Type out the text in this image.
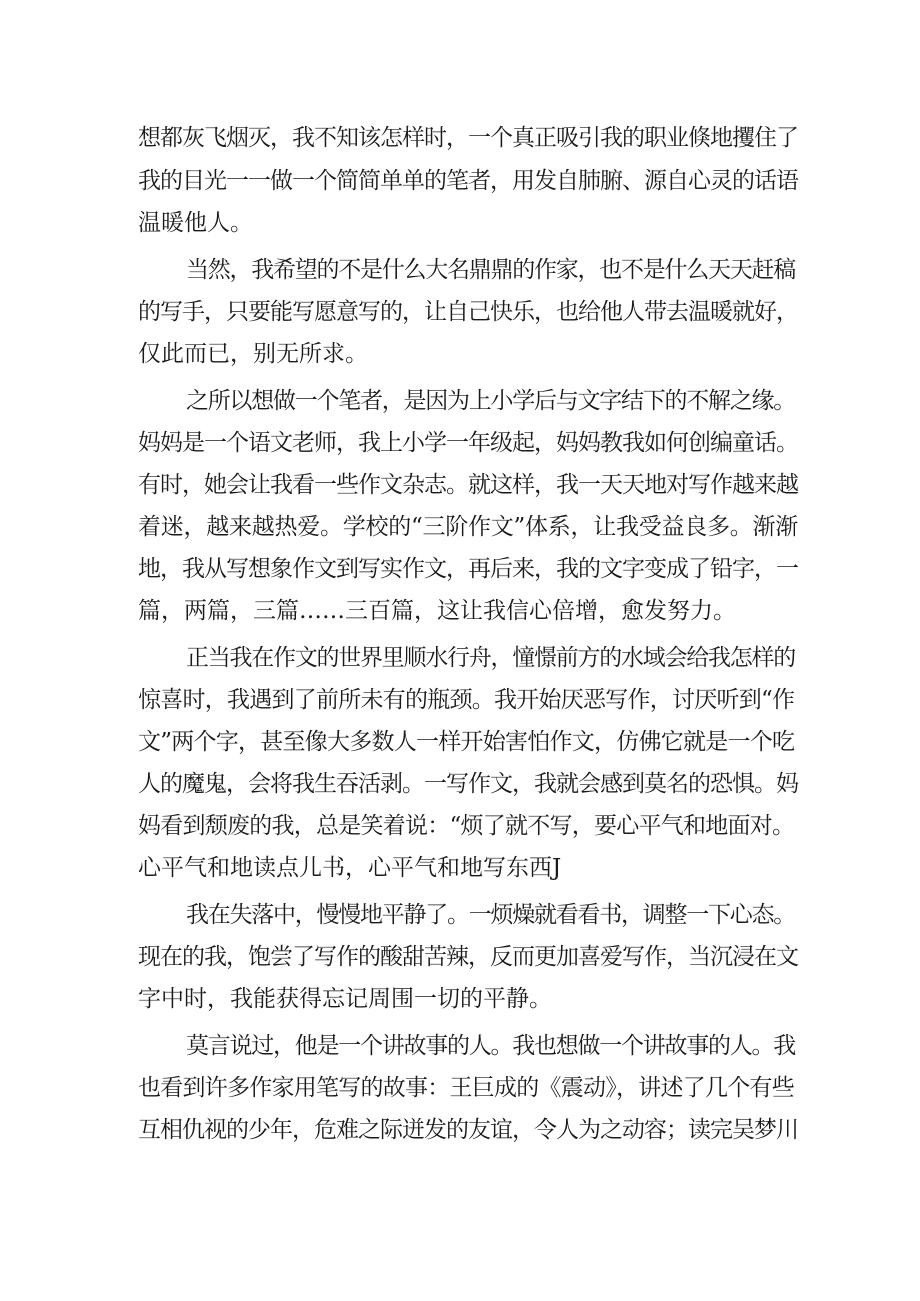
想都灰飞烟灭，我不知该怎样时，一个真正吸引我的职业倏地攫住了
我的目光一一做一个简简单单的笔者，用发自肺腑、源自心灵的话语
温暖他人。
当然，我希望的不是什么大名鼎鼎的作家，也不是什么天天赶稿
的写手，只要能写愿意写的，让自己快乐，也给他人带去温暖就好，
仅此而已，别无所求。
之所以想做一个笔者，是因为上小学后与文字结下的不解之缘。
妈妈是一个语文老师，我上小学一年级起，妈妈教我如何创编童话。
有时，她会让我看一些作文杂志。就这样，我一天天地对写作越来越
着迷，越来越热爱。学校的“三阶作文”体系，让我受益良多。渐渐
地，我从写想象作文到写实作文，再后来，我的文字变成了铅字，一
篇，两篇，三篇……三百篇，这让我信心倍增，愈发努力。
正当我在作文的世界里顺水行舟，憧憬前方的水域会给我怎样的
惊喜时，我遇到了前所未有的瓶颈。我开始厌恶写作，讨厌听到“作
文”两个字，甚至像大多数人一样开始害怕作文，仿佛它就是一个吃
人的魔鬼，会将我生吞活剥。一写作文，我就会感到莫名的恐惧。妈
妈看到颓废的我，总是笑着说：“烦了就不写，要心平气和地面对。
心平气和地读点儿书，心平气和地写东西J
我在失落中，慢慢地平静了。一烦燥就看看书，调整一下心态。
现在的我，饱尝了写作的酸甜苦辣，反而更加喜爱写作，当沉浸在文
字中时，我能获得忘记周围一切的平静。
莫言说过，他是一个讲故事的人。我也想做一个讲故事的人。我
也看到许多作家用笔写的故事：王巨成的《震动》，讲述了几个有些
互相仇视的少年，危难之际迸发的友谊，令人为之动容；读完吴梦川
